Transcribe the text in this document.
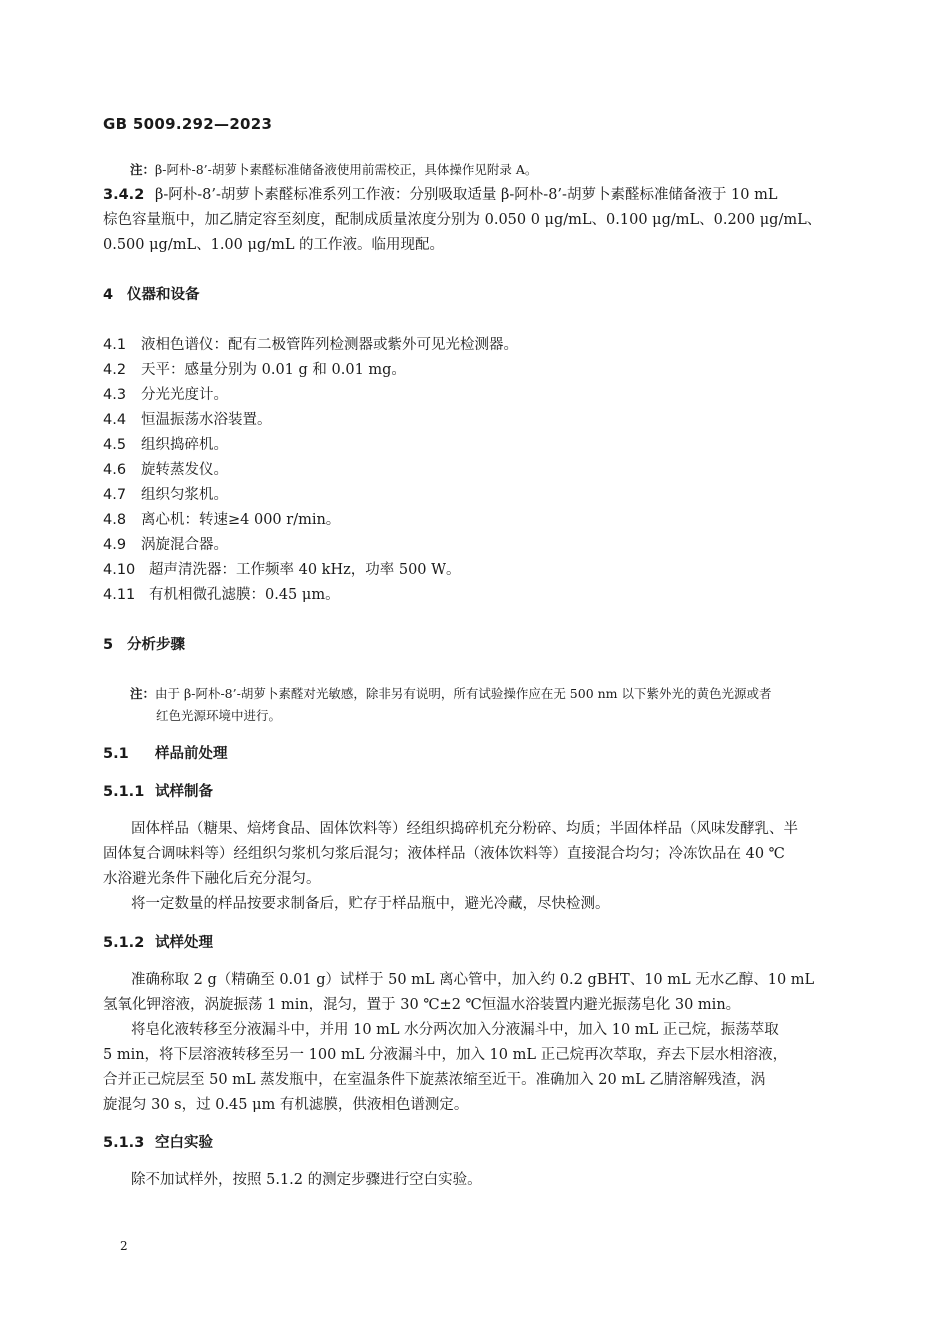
GB 5009.292—2023
注：β-阿朴-8’-胡萝卜素醛标准储备液使用前需校正，具体操作见附录 A。
3.4.2 β-阿朴-8’-胡萝卜素醛标准系列工作液：分别吸取适量 β-阿朴-8’-胡萝卜素醛标准储备液于 10 mL
棕色容量瓶中，加乙腈定容至刻度，配制成质量浓度分别为 0.050 0 μg/mL、0.100 μg/mL、0.200 μg/mL、
0.500 μg/mL、1.00 μg/mL 的工作液。临用现配。
4 仪器和设备
4.1 液相色谱仪：配有二极管阵列检测器或紫外可见光检测器。
4.2 天平：感量分别为 0.01 g 和 0.01 mg。
4.3 分光光度计。
4.4 恒温振荡水浴装置。
4.5 组织捣碎机。
4.6 旋转蒸发仪。
4.7 组织匀浆机。
4.8 离心机：转速≥4 000 r/min。
4.9 涡旋混合器。
4.10 超声清洗器：工作频率 40 kHz，功率 500 W。
4.11 有机相微孔滤膜：0.45 μm。
5 分析步骤
注：由于 β-阿朴-8’-胡萝卜素醛对光敏感，除非另有说明，所有试验操作应在无 500 nm 以下紫外光的黄色光源或者
红色光源环境中进行。
5.1 样品前处理
5.1.1 试样制备
固体样品（糖果、焙烤食品、固体饮料等）经组织捣碎机充分粉碎、均质；半固体样品（风味发酵乳、半
固体复合调味料等）经组织匀浆机匀浆后混匀；液体样品（液体饮料等）直接混合均匀；冷冻饮品在 40 ℃
水浴避光条件下融化后充分混匀。
将一定数量的样品按要求制备后，贮存于样品瓶中，避光冷藏，尽快检测。
5.1.2 试样处理
准确称取 2 g（精确至 0.01 g）试样于 50 mL 离心管中，加入约 0.2 gBHT、10 mL 无水乙醇、10 mL
氢氧化钾溶液，涡旋振荡 1 min，混匀，置于 30 ℃±2 ℃恒温水浴装置内避光振荡皂化 30 min。
将皂化液转移至分液漏斗中，并用 10 mL 水分两次加入分液漏斗中，加入 10 mL 正己烷，振荡萃取
5 min，将下层溶液转移至另一 100 mL 分液漏斗中，加入 10 mL 正己烷再次萃取，弃去下层水相溶液，
合并正己烷层至 50 mL 蒸发瓶中，在室温条件下旋蒸浓缩至近干。准确加入 20 mL 乙腈溶解残渣，涡
旋混匀 30 s，过 0.45 μm 有机滤膜，供液相色谱测定。
5.1.3 空白实验
除不加试样外，按照 5.1.2 的测定步骤进行空白实验。
2
